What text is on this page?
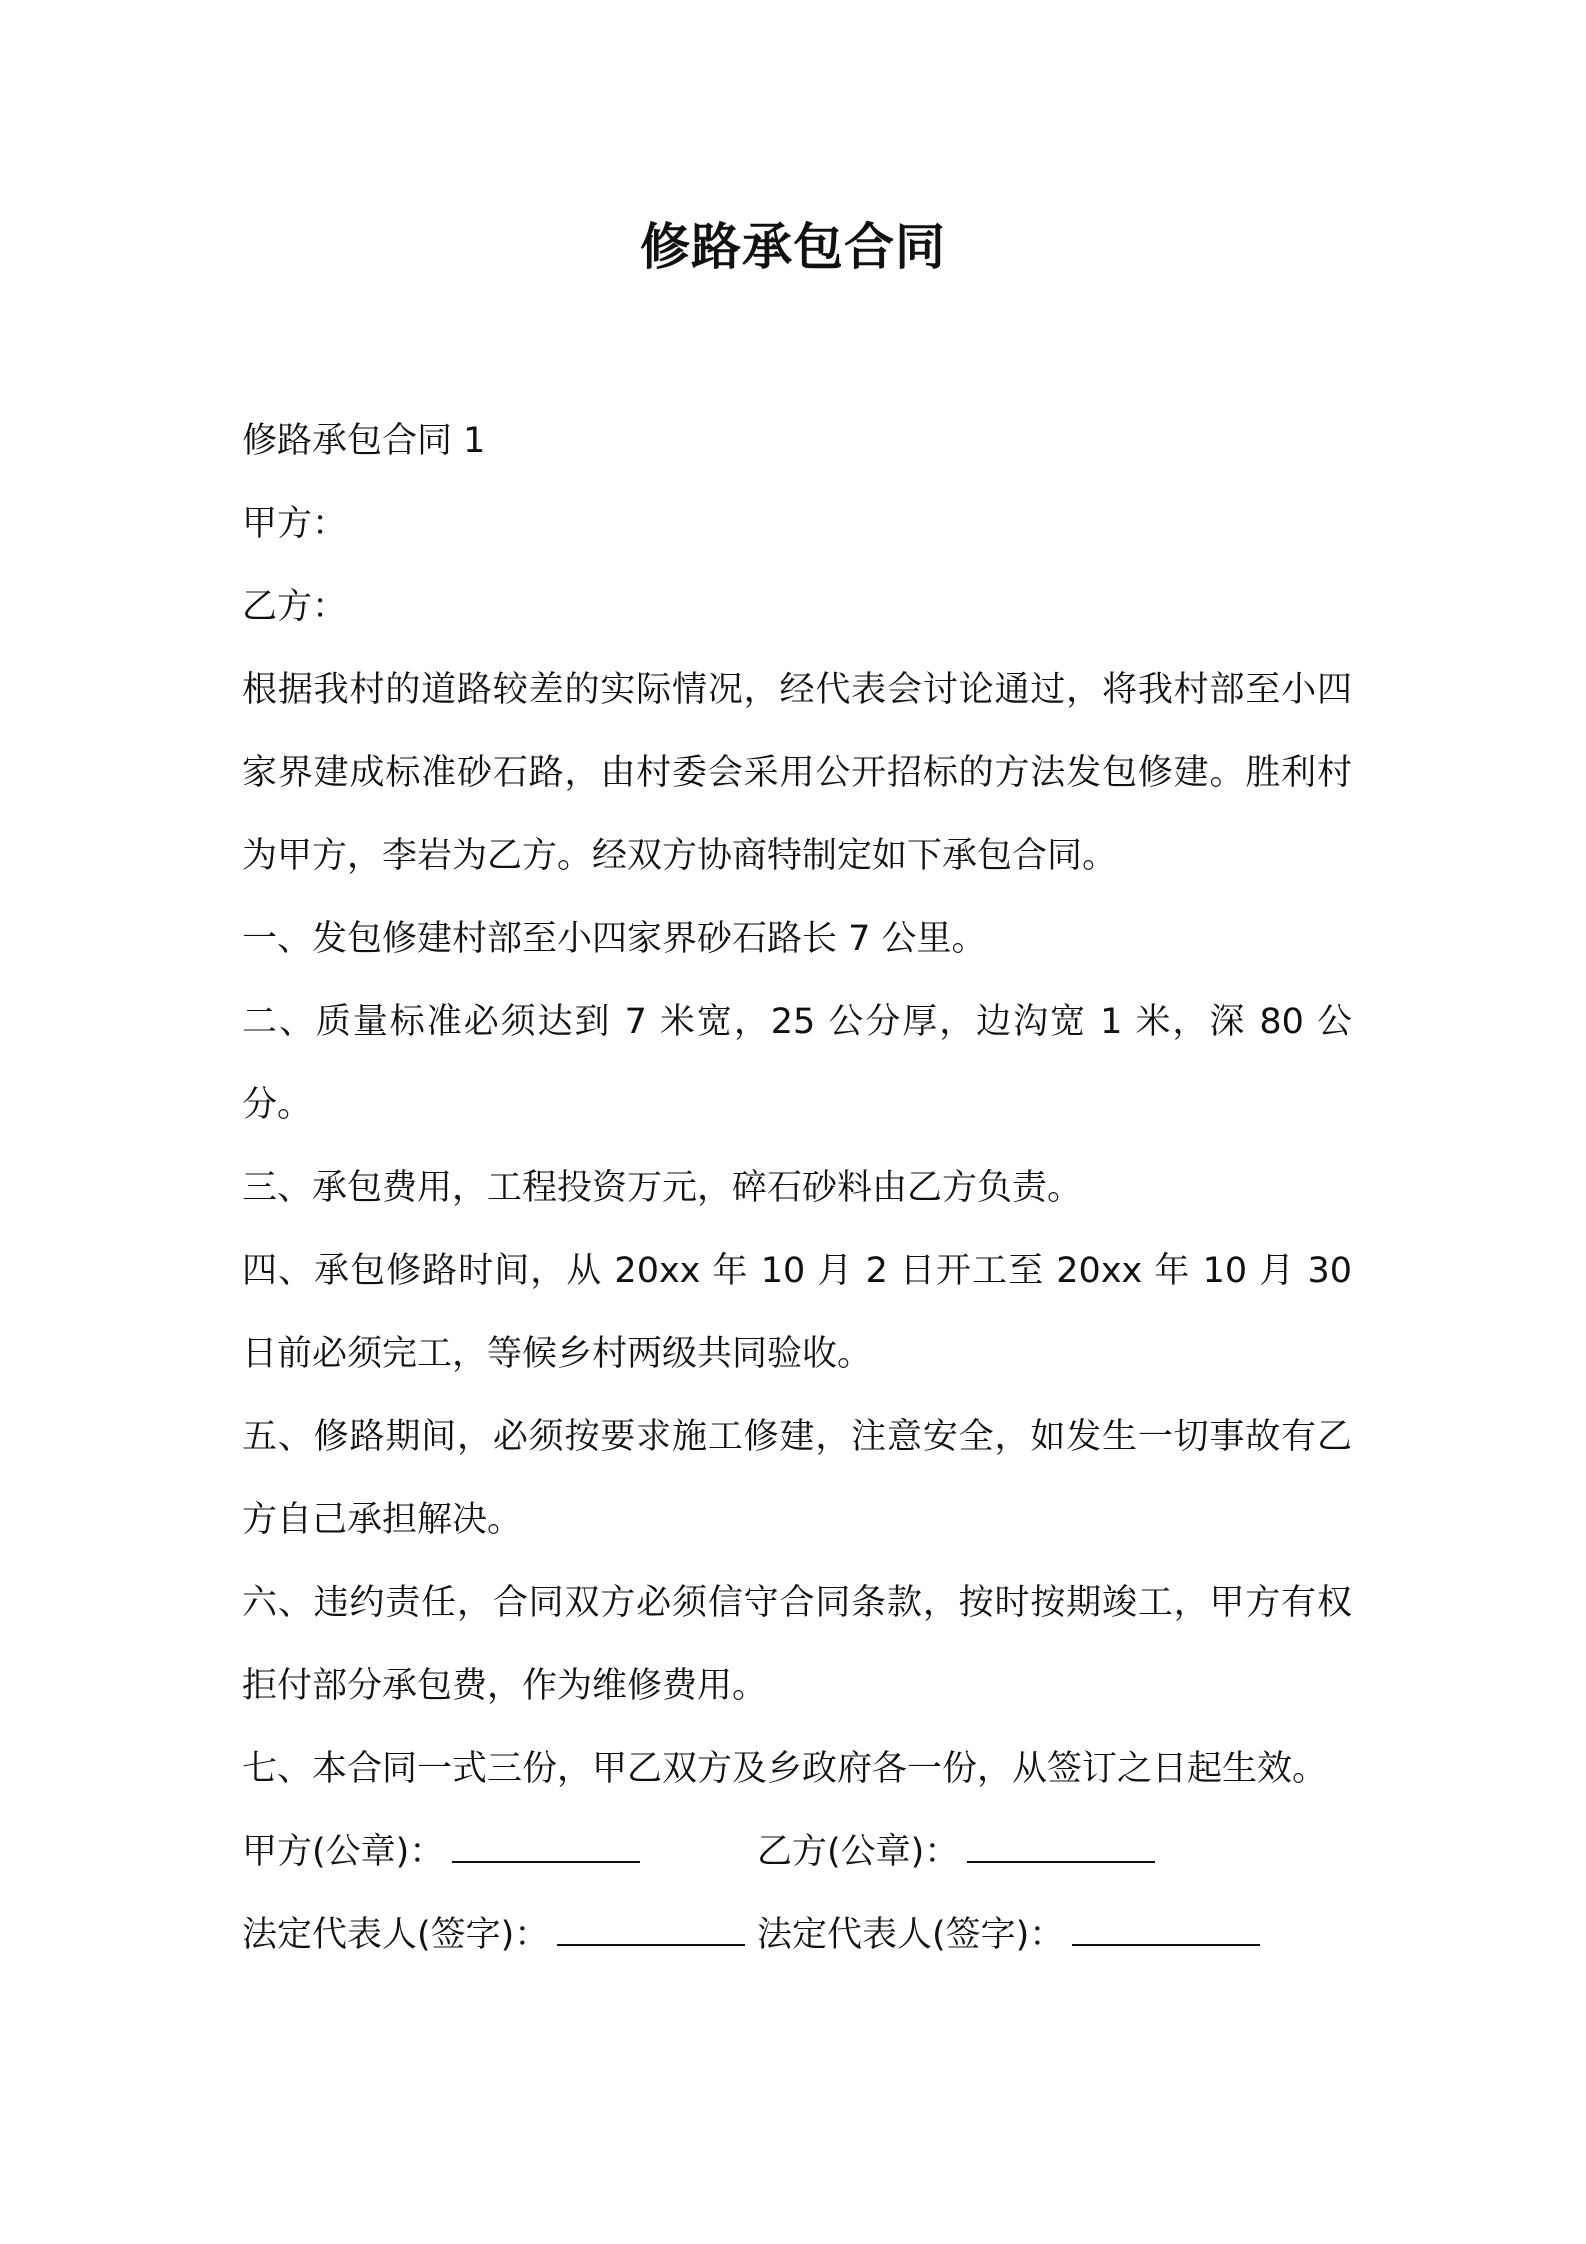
修路承包合同

修路承包合同 1

甲方：

乙方：

根据我村的道路较差的实际情况，经代表会讨论通过，将我村部至小四家界建成标准砂石路，由村委会采用公开招标的方法发包修建。胜利村为甲方，李岩为乙方。经双方协商特制定如下承包合同。

一、发包修建村部至小四家界砂石路长 7 公里。

二、质量标准必须达到 7 米宽，25 公分厚，边沟宽 1 米，深 80 公分。

三、承包费用，工程投资万元，碎石砂料由乙方负责。

四、承包修路时间，从 20xx 年 10 月 2 日开工至 20xx 年 10 月 30 日前必须完工，等候乡村两级共同验收。

五、修路期间，必须按要求施工修建，注意安全，如发生一切事故有乙方自己承担解决。

六、违约责任，合同双方必须信守合同条款，按时按期竣工，甲方有权拒付部分承包费，作为维修费用。

七、本合同一式三份，甲乙双方及乡政府各一份，从签订之日起生效。

甲方(公章)：	乙方(公章)：
法定代表人(签字)：	法定代表人(签字)：
